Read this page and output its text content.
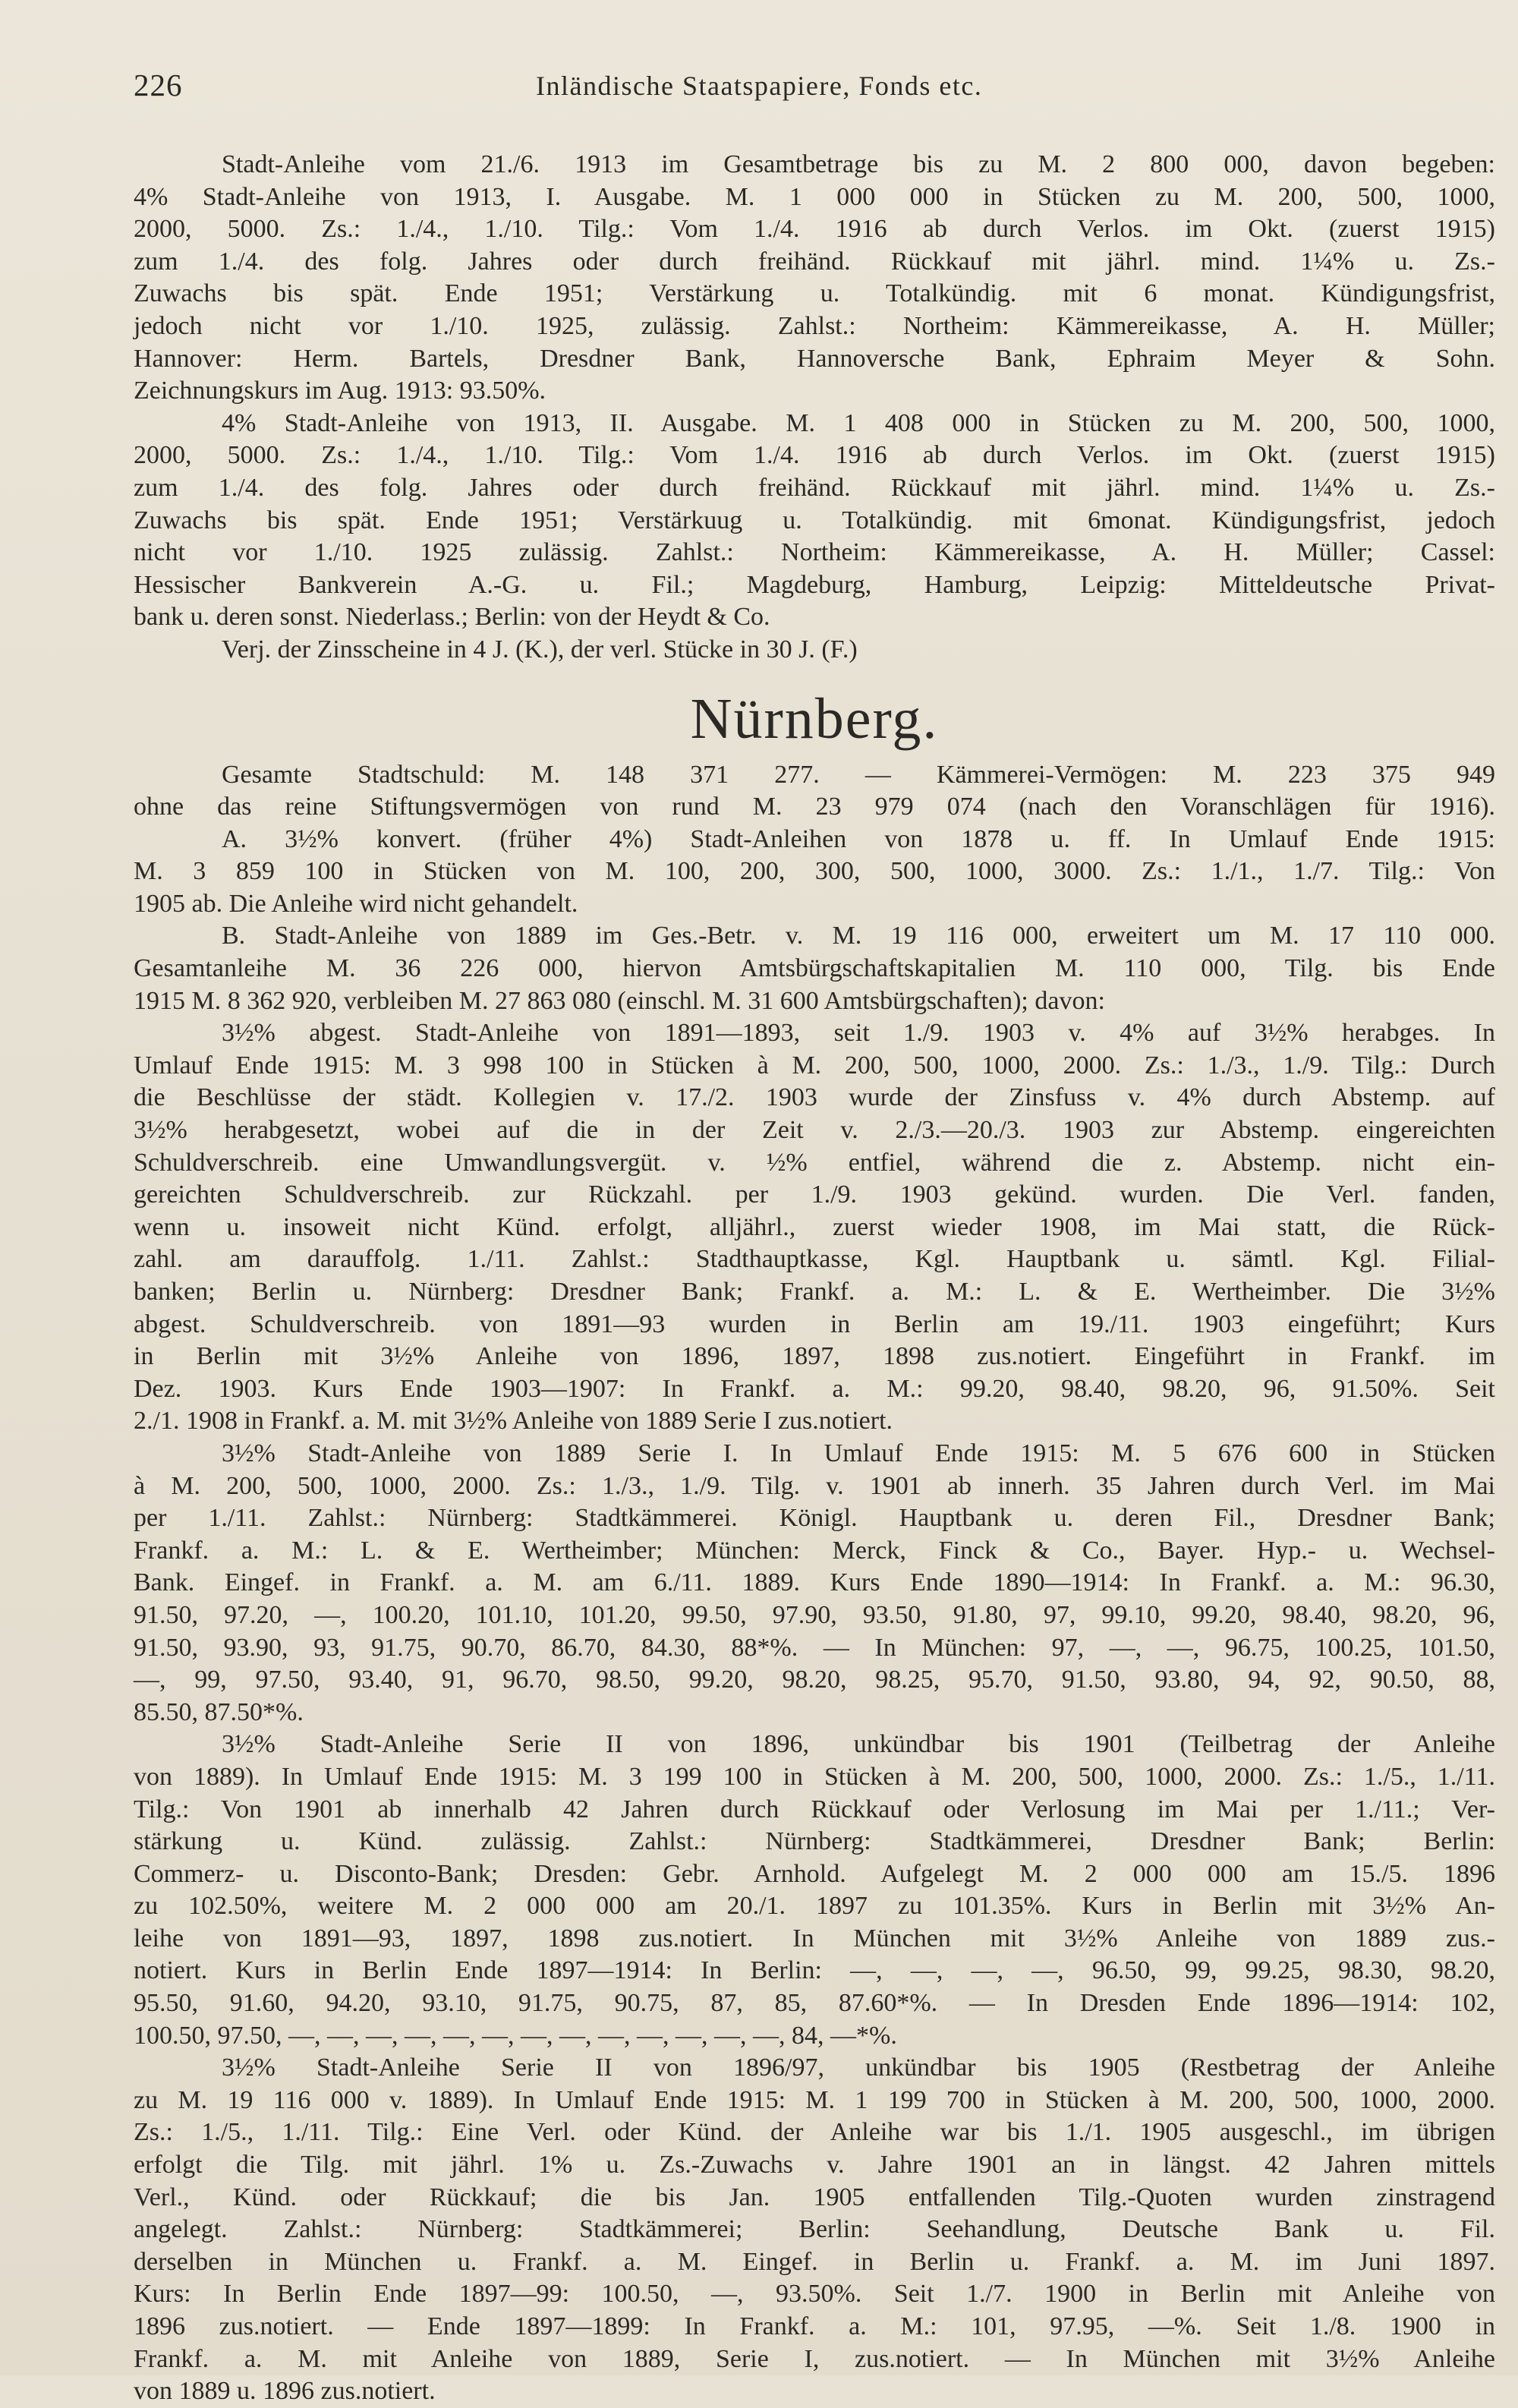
226	Inländische Staatspapiere, Fonds etc.

Stadt-Anleihe vom 21./6. 1913 im Gesamtbetrage bis zu M. 2 800 000, davon begeben:

4% Stadt-Anleihe von 1913, I. Ausgabe. M. 1 000 000 in Stücken zu M. 200, 500, 1000,

2000, 5000. Zs.: 1./4., 1./10. Tilg.: Vom 1./4. 1916 ab durch Verlos. im Okt. (zuerst 1915)

zum 1./4. des folg. Jahres oder durch freihänd. Rückkauf mit jährl. mind. 1¼% u. Zs.-

Zuwachs bis spät. Ende 1951; Verstärkung u. Totalkündig. mit 6 monat. Kündigungsfrist,

jedoch nicht vor 1./10. 1925, zulässig. Zahlst.: Northeim: Kämmereikasse, A. H. Müller;

Hannover: Herm. Bartels, Dresdner Bank, Hannoversche Bank, Ephraim Meyer & Sohn.

Zeichnungskurs im Aug. 1913: 93.50%.

4% Stadt-Anleihe von 1913, II. Ausgabe. M. 1 408 000 in Stücken zu M. 200, 500, 1000,

2000, 5000. Zs.: 1./4., 1./10. Tilg.: Vom 1./4. 1916 ab durch Verlos. im Okt. (zuerst 1915)

zum 1./4. des folg. Jahres oder durch freihänd. Rückkauf mit jährl. mind. 1¼% u. Zs.-

Zuwachs bis spät. Ende 1951; Verstärkuug u. Totalkündig. mit 6monat. Kündigungsfrist, jedoch

nicht vor 1./10. 1925 zulässig. Zahlst.: Northeim: Kämmereikasse, A. H. Müller; Cassel:

Hessischer Bankverein A.-G. u. Fil.; Magdeburg, Hamburg, Leipzig: Mitteldeutsche Privat-

bank u. deren sonst. Niederlass.; Berlin: von der Heydt & Co.

Verj. der Zinsscheine in 4 J. (K.), der verl. Stücke in 30 J. (F.)

Nürnberg.

Gesamte Stadtschuld: M. 148 371 277. — Kämmerei-Vermögen: M. 223 375 949

ohne das reine Stiftungsvermögen von rund M. 23 979 074 (nach den Voranschlägen für 1916).

A. 3½% konvert. (früher 4%) Stadt-Anleihen von 1878 u. ff. In Umlauf Ende 1915:

M. 3 859 100 in Stücken von M. 100, 200, 300, 500, 1000, 3000. Zs.: 1./1., 1./7. Tilg.: Von

1905 ab. Die Anleihe wird nicht gehandelt.

B. Stadt-Anleihe von 1889 im Ges.-Betr. v. M. 19 116 000, erweitert um M. 17 110 000.

Gesamtanleihe M. 36 226 000, hiervon Amtsbürgschaftskapitalien M. 110 000, Tilg. bis Ende

1915 M. 8 362 920, verbleiben M. 27 863 080 (einschl. M. 31 600 Amtsbürgschaften); davon:

3½% abgest. Stadt-Anleihe von 1891—1893, seit 1./9. 1903 v. 4% auf 3½% herabges. In

Umlauf Ende 1915: M. 3 998 100 in Stücken à M. 200, 500, 1000, 2000. Zs.: 1./3., 1./9. Tilg.: Durch

die Beschlüsse der städt. Kollegien v. 17./2. 1903 wurde der Zinsfuss v. 4% durch Abstemp. auf

3½% herabgesetzt, wobei auf die in der Zeit v. 2./3.—20./3. 1903 zur Abstemp. eingereichten

Schuldverschreib. eine Umwandlungsvergüt. v. ½% entfiel, während die z. Abstemp. nicht ein-

gereichten Schuldverschreib. zur Rückzahl. per 1./9. 1903 gekünd. wurden. Die Verl. fanden,

wenn u. insoweit nicht Künd. erfolgt, alljährl., zuerst wieder 1908, im Mai statt, die Rück-

zahl. am darauffolg. 1./11. Zahlst.: Stadthauptkasse, Kgl. Hauptbank u. sämtl. Kgl. Filial-

banken; Berlin u. Nürnberg: Dresdner Bank; Frankf. a. M.: L. & E. Wertheimber. Die 3½%

abgest. Schuldverschreib. von 1891—93 wurden in Berlin am 19./11. 1903 eingeführt; Kurs

in Berlin mit 3½% Anleihe von 1896, 1897, 1898 zus.notiert. Eingeführt in Frankf. im

Dez. 1903. Kurs Ende 1903—1907: In Frankf. a. M.: 99.20, 98.40, 98.20, 96, 91.50%. Seit

2./1. 1908 in Frankf. a. M. mit 3½% Anleihe von 1889 Serie I zus.notiert.

3½% Stadt-Anleihe von 1889 Serie I. In Umlauf Ende 1915: M. 5 676 600 in Stücken

à M. 200, 500, 1000, 2000. Zs.: 1./3., 1./9. Tilg. v. 1901 ab innerh. 35 Jahren durch Verl. im Mai

per 1./11. Zahlst.: Nürnberg: Stadtkämmerei. Königl. Hauptbank u. deren Fil., Dresdner Bank;

Frankf. a. M.: L. & E. Wertheimber; München: Merck, Finck & Co., Bayer. Hyp.- u. Wechsel-

Bank. Eingef. in Frankf. a. M. am 6./11. 1889. Kurs Ende 1890—1914: In Frankf. a. M.: 96.30,

91.50, 97.20, —, 100.20, 101.10, 101.20, 99.50, 97.90, 93.50, 91.80, 97, 99.10, 99.20, 98.40, 98.20, 96,

91.50, 93.90, 93, 91.75, 90.70, 86.70, 84.30, 88*%. — In München: 97, —, —, 96.75, 100.25, 101.50,

—, 99, 97.50, 93.40, 91, 96.70, 98.50, 99.20, 98.20, 98.25, 95.70, 91.50, 93.80, 94, 92, 90.50, 88,

85.50, 87.50*%.

3½% Stadt-Anleihe Serie II von 1896, unkündbar bis 1901 (Teilbetrag der Anleihe

von 1889). In Umlauf Ende 1915: M. 3 199 100 in Stücken à M. 200, 500, 1000, 2000. Zs.: 1./5., 1./11.

Tilg.: Von 1901 ab innerhalb 42 Jahren durch Rückkauf oder Verlosung im Mai per 1./11.; Ver-

stärkung u. Künd. zulässig. Zahlst.: Nürnberg: Stadtkämmerei, Dresdner Bank; Berlin:

Commerz- u. Disconto-Bank; Dresden: Gebr. Arnhold. Aufgelegt M. 2 000 000 am 15./5. 1896

zu 102.50%, weitere M. 2 000 000 am 20./1. 1897 zu 101.35%. Kurs in Berlin mit 3½% An-

leihe von 1891—93, 1897, 1898 zus.notiert. In München mit 3½% Anleihe von 1889 zus.-

notiert. Kurs in Berlin Ende 1897—1914: In Berlin: —, —, —, —, 96.50, 99, 99.25, 98.30, 98.20,

95.50, 91.60, 94.20, 93.10, 91.75, 90.75, 87, 85, 87.60*%. — In Dresden Ende 1896—1914: 102,

100.50, 97.50, —, —, —, —, —, —, —, —, —, —, —, —, —, 84, —*%.

3½% Stadt-Anleihe Serie II von 1896/97, unkündbar bis 1905 (Restbetrag der Anleihe

zu M. 19 116 000 v. 1889). In Umlauf Ende 1915: M. 1 199 700 in Stücken à M. 200, 500, 1000, 2000.

Zs.: 1./5., 1./11. Tilg.: Eine Verl. oder Künd. der Anleihe war bis 1./1. 1905 ausgeschl., im übrigen

erfolgt die Tilg. mit jährl. 1% u. Zs.-Zuwachs v. Jahre 1901 an in längst. 42 Jahren mittels

Verl., Künd. oder Rückkauf; die bis Jan. 1905 entfallenden Tilg.-Quoten wurden zinstragend

angelegt. Zahlst.: Nürnberg: Stadtkämmerei; Berlin: Seehandlung, Deutsche Bank u. Fil.

derselben in München u. Frankf. a. M. Eingef. in Berlin u. Frankf. a. M. im Juni 1897.

Kurs: In Berlin Ende 1897—99: 100.50, —, 93.50%. Seit 1./7. 1900 in Berlin mit Anleihe von

1896 zus.notiert. — Ende 1897—1899: In Frankf. a. M.: 101, 97.95, —%. Seit 1./8. 1900 in

Frankf. a. M. mit Anleihe von 1889, Serie I, zus.notiert. — In München mit 3½% Anleihe

von 1889 u. 1896 zus.notiert.
